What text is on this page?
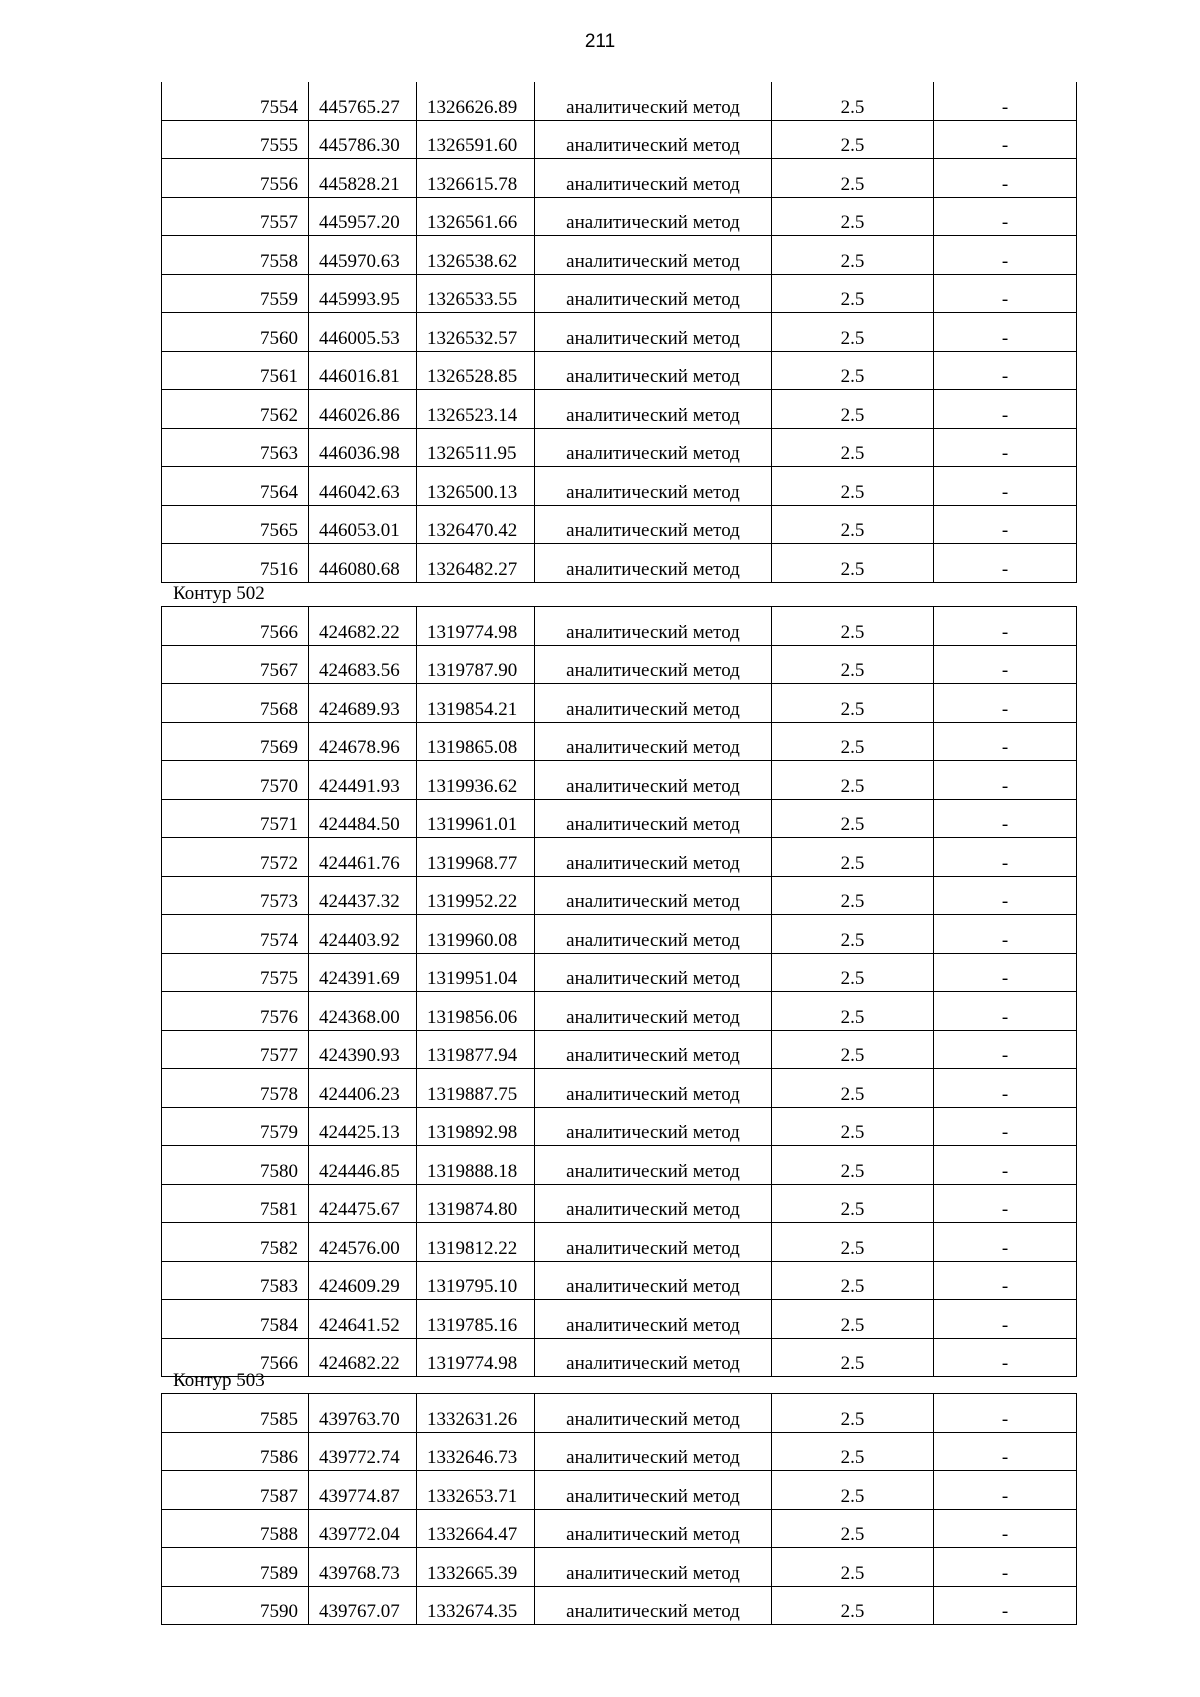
211
7554	445765.27	1326626.89	аналитический метод	2.5	-
7555	445786.30	1326591.60	аналитический метод	2.5	-
7556	445828.21	1326615.78	аналитический метод	2.5	-
7557	445957.20	1326561.66	аналитический метод	2.5	-
7558	445970.63	1326538.62	аналитический метод	2.5	-
7559	445993.95	1326533.55	аналитический метод	2.5	-
7560	446005.53	1326532.57	аналитический метод	2.5	-
7561	446016.81	1326528.85	аналитический метод	2.5	-
7562	446026.86	1326523.14	аналитический метод	2.5	-
7563	446036.98	1326511.95	аналитический метод	2.5	-
7564	446042.63	1326500.13	аналитический метод	2.5	-
7565	446053.01	1326470.42	аналитический метод	2.5	-
7516	446080.68	1326482.27	аналитический метод	2.5	-
Контур 502
7566	424682.22	1319774.98	аналитический метод	2.5	-
7567	424683.56	1319787.90	аналитический метод	2.5	-
7568	424689.93	1319854.21	аналитический метод	2.5	-
7569	424678.96	1319865.08	аналитический метод	2.5	-
7570	424491.93	1319936.62	аналитический метод	2.5	-
7571	424484.50	1319961.01	аналитический метод	2.5	-
7572	424461.76	1319968.77	аналитический метод	2.5	-
7573	424437.32	1319952.22	аналитический метод	2.5	-
7574	424403.92	1319960.08	аналитический метод	2.5	-
7575	424391.69	1319951.04	аналитический метод	2.5	-
7576	424368.00	1319856.06	аналитический метод	2.5	-
7577	424390.93	1319877.94	аналитический метод	2.5	-
7578	424406.23	1319887.75	аналитический метод	2.5	-
7579	424425.13	1319892.98	аналитический метод	2.5	-
7580	424446.85	1319888.18	аналитический метод	2.5	-
7581	424475.67	1319874.80	аналитический метод	2.5	-
7582	424576.00	1319812.22	аналитический метод	2.5	-
7583	424609.29	1319795.10	аналитический метод	2.5	-
7584	424641.52	1319785.16	аналитический метод	2.5	-
7566	424682.22	1319774.98	аналитический метод	2.5	-
Контур 503
7585	439763.70	1332631.26	аналитический метод	2.5	-
7586	439772.74	1332646.73	аналитический метод	2.5	-
7587	439774.87	1332653.71	аналитический метод	2.5	-
7588	439772.04	1332664.47	аналитический метод	2.5	-
7589	439768.73	1332665.39	аналитический метод	2.5	-
7590	439767.07	1332674.35	аналитический метод	2.5	-
